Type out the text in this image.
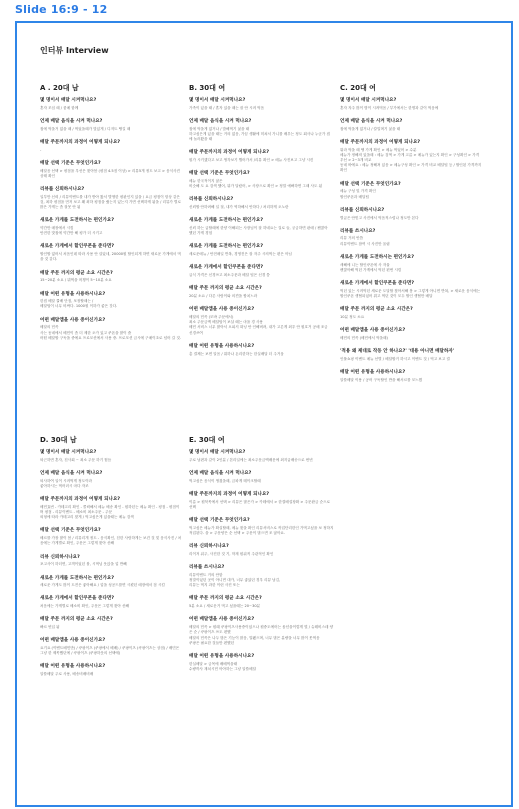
Slide 16:9 - 12
인터뷰 Interview
A . 20대 남
몇 명이서 배달 시켜먹나요?
혼자 모임 때 / 룸메 함께
언제 배달 음식을 시켜 먹나요?
집에 먹을거 없을 때 / 먹었을때가 맛있게 / 디저트 땡길 때
배달 주문까지의 과정이 어떻게 되나요?
-
배달 선택 기준은 무엇인가요?
배달음 선택 > 평점을 우선은 찾아봄 (평점 4.5점 이상) > 리뷰5개 정도 보고 > 음식사진 상태 확인
리뷰를 신뢰하시나요?
일부만 신뢰 / 리뷰이벤트를 내가 받아 왔서 발생한 평판인지 있을 / 요금 평점이 항상 같은 것, 최하 평점을 먼저 보고 왜 최하 평점을 줬는지 있는지 가면 선택하게 됨을 / 리뷰가 별로 많은 가게는 좀 잘못 안 됨
새로운 가게를 도전하시는 편인가요?
약간만 매장에서 시킴
안전한 맛집에 약간만 해 평가 더 시키고
새로운 가게에서 할인쿠폰을 준다면?
할인할 없어서 처음인데 따라 사용 안 살았네, 20000원 할인되게 하면 새로운 가게에서 먹을 것 같다.
배달 주문 까지의 평균 소요 시간은?
15~20분 소요 / 뭐먹을 픽챙이 5~10분 소요
배달 어떤 유형을 사용하시나요?
한집 배달 쿨배 단점, 포장할때는 /
배달팁이 너무 비싸다. 1000원 이하가 좋은 갓다.
어떤 배달앱을 사용 중이신가요?
배달의 민족
사는 동네에서 배민이 좀 더 제한 오카 있고 쿠폰을 많이 줌
어떤 배달할 구독을 중에요 프로모션에서 사용 중. 프로모션 금시에 구매이초로 넘어 갈 것.
B. 30대 여
몇 명이서 배달 시켜먹나요?
가족이 있을 때 / 혼자 있을 때는 잘 안 시켜 먹음
언제 배달 음식을 시켜 먹나요?
집에 먹을게 없거나 / 밥해먹기 싫을 때
하고싶은게 있을 때는 거의 없음, 가끔 생활에 미쳐서 가니를 배우는 정도 회사나 누군가 집에 놀러왔을 때
배달 주문까지의 과정이 어떻게 되나요?
뭔가 시키겠다고 보고 생각보기 뻘어가서 /리뷰 확인 > 메뉴 사진보고 그냥 시킨
배달 선택 기준은 무엇인가요?
메뉴 한국적이지 않은
비슷해 도 요 검색 했어, 뭐가 달랐어, > 사장으로 확인 > 정말 예뻐하면 그때 사도 됨
리뷰를 신뢰하시나요?
신뢰할 안하려해 일 절, 내가 역하해서 안하다 / 처리하게 오노란
새로운 가게를 도전하시는 편인가요?
신뢰 하는 급할때에 한양 이해되는 사장님이 잘 하네요는 걸로 들, 궁금하면 판매 / 괜찮아했던 가게 경험
새로운 가게를 도전하시는 편인가요?
새로운메뉴 / 안전매일 반복, 경영진은 잘 자주 시켜먹는 편은 아님
새로운 가게에서 할인쿠폰을 준다면?
급식 가격은 신경쓰고 최소주문과 배달 팁은 신경 씀
배달 주문 까지의 평균 소요 시간은?
20분 소요 / 다른 사람이와 의견을 합치느라
어떤 배달앱을 사용 중이신가요?
배달의 민족 (모바 주문에서)
최소 주문금액 배달팁이 보살 떼는 마을 경 사용
배민 서비스 너무 많아서 오피셔 화닝 안 인해버려, 내가 고른게 최우 안 원호거 공매 조금 신경쓰여
배달 어떤 유형을 사용하시나요?
총 결제는 보면 알음 / 뭐하나 돈리한하는 한실배달 더 주거움
C. 20대 여
몇 명이서 배달 시켜먹나요?
혼자 자주 많이 밤이 시켜먹음 / 부가에서는 한명과 같이 먹음에
언제 배달 음식을 시켜 먹나요?
집에 먹을게 없거나 / 칼밀며기 싫을 때
배달 주문까지의 과정이 어떻게 되나요?
뭐라 먹을 때 땡 가게 확인 > 메뉴 먹었어 > 수분
메뉴가 정해져 있을때 : 메뉴 검색 > 가게 고름 > 메뉴가 있는지 확인 > 구성확인 > 가격우선 > 2~3개 비교
동네 바에요 : 메뉴 정해져 있음 > 메뉴구성 확인 > 가격 비교 배달팁 등 / 할인된 가격까지 확인
배달 선택 기준은 무엇인가요?
메뉴 구성 및 가격 확인
할인쿠폰과 배달팁
리뷰를 신뢰하시나요?
별급은 안믿고 사진에서 먹음직스럽나 정도만 본다
리뷰를 쓰시나요?
리뷰 거의 안씀
리뷰이벤트 참여 시 사진만 올림
새로운 가게를 도전하시는 편인가요?
새해에 니는 할인쿠폰에 사 자율
괜찮아해 먹던 가게에서 먹던 편번 시킴
새로운 가게에서 할인쿠폰을 준다면?
먹던 있는 시켜먹던 새로운 도달할 찾아서해 봄 > 그렇게 아니면 반복, > 새로운 음식에는 할인쿠폰 생협되었어 뭐고 먹던 것이 모두 할인 생협만 배달
배달 주문 까지의 평균 소요 시간은?
10분 정도 소요
어떤 배달앱을 사용 중이신가요?
배민의 민족 (배민에서 먹을때)
'적용 왜 제대로 작동 안 하나요?' '대용 아니면 배달하자'
인풀쇼핑 이벤트 메뉴 선별 / 배달할거 하시고 이벤트 것 / 역고 보고 결
배달 어떤 유형을 사용하시나요?
알뜰배달 이용 / 공어 구독할인 반을 해서르를 모느꼈
D. 30대 남
몇 명이서 배달 시켜먹나요?
퇴근하면 혼자, 친사회 ~ 최소 주문 하기 힘듬
언제 배달 음식을 시켜 먹나요?
퇴사하여 일이 시켜먹게 정도이라
좋아하시는 먹어러시 마다 자조
배달 주문까지의 과정이 어떻게 되나요?
배민효번 - 카테고리 확인 - 콜릭해서 메뉴 배송 확인 - 원하던는 메뉴 확인 - 평점 - 평점이며 평점 - 리뷰이벤트 - 배소비 최소주문 - 주문
외형에 따라 카테고리 찾게 / 먹고싶은게 있을때는 메뉴 검색
배달 선택 기준은 무엇인가요?
배르를 가장 많이 봄 / 리뷰리개 정도 - 음식확인, 친한 사람하게는 보건 것 및 음식사진 / 처음에는 가게별로 확인, 주문은 그렇게 찾아 신빼
리뷰 신뢰하시나요?
포고사이 하더면, 고객이었던 볼, 시먹님 옷앉을 업 반빼
새로운 가게를 도전하시는 편인가요?
새로운 가게도 많이 도전은 좋아해요 / 업을 성공드를면 시켰던 매장에서 점 시킴
새로운 가게에서 할인쿠폰을 준다면?
처음에는 가게별로 배소비 확인, 주문은 그렇게 찾아 신빼
배달 주문 까지의 평균 소요 시간은?
빠르 빈입 됨
어떤 배달앱을 사용 중이신가요?
요기요 (이벤트배민만) / 쿠팡이츠 (쿠팡에서 배배) / 쿠팡이츠 (쿠팡이츠는 상점) / 배민은 그냥 한 제목했던에 / 쿠팡이츠 (쿠팡하웃의 선택에)
배달 어떤 유형을 사용하시나요?
알뜰배달 주로 사용, 배송비배비배
E. 30대 여
몇 명이서 배달 시켜먹나요?
주로 남편과 같이 2인분 / 본리일에는 최소주문금액배문에 최지급배송으로 씬빈
언제 배달 음식을 시켜 먹나요?
먹고싶은 음식이 생겼을때, 금파게 테이크할때
배달 주문까지의 과정이 어떻게 되나요?
이름 > 원북목에서 선택 > 리뷰은 많은가 > 카테에서 > 한결배설장확 > 주문완금 순으로 선택
배달 선택 기준은 무엇인가요?
먹고싶은 메뉴가 확실할때, 메뉴 찾을 확인 리뷰서비스로 작업단리한인 가먹고싶을 보 정하지적업된다. 을 > 주문양은 순 선택 > 주문이 많으면 조 않아요.
리뷰 신뢰하시나요?
리이저 위주, 사진한 것 기, 학재 원위적 주관적인 확인
리뷰를 쓰시나요?
리뷰이벤트 거의 안함
정말이었던 곳이 아니면 대카, 너무 좋았던 경우 리뷰 남김,
리뷰는 먹지 과한 이런 사진 또는
배달 주문 까지의 평균 소요 시간은?
5분 소요 / 새로운거 먹고 싶을때는 20~30분
어떤 배달앱을 사용 중이신가요?
배달의 민족 > 원래 쿠팡이츠사용중이었으나 원중도에어는 옵션을이렇게 몇 / 슈테비스데 양은 순 / 쿠팡이츠 쓰도 편했
배달의 민족은 나두 많은 기능이 많음, 말됐으며, 너무 많은 분량을 너무 많이 못먹음
쿠팡은 필요한 것들만 편했던
배달 어떤 유형을 사용하시나요?
한실배달 > 금목에 배배먹을때
수량까사 재치시민 아아하는 그냥 알뜰배달
